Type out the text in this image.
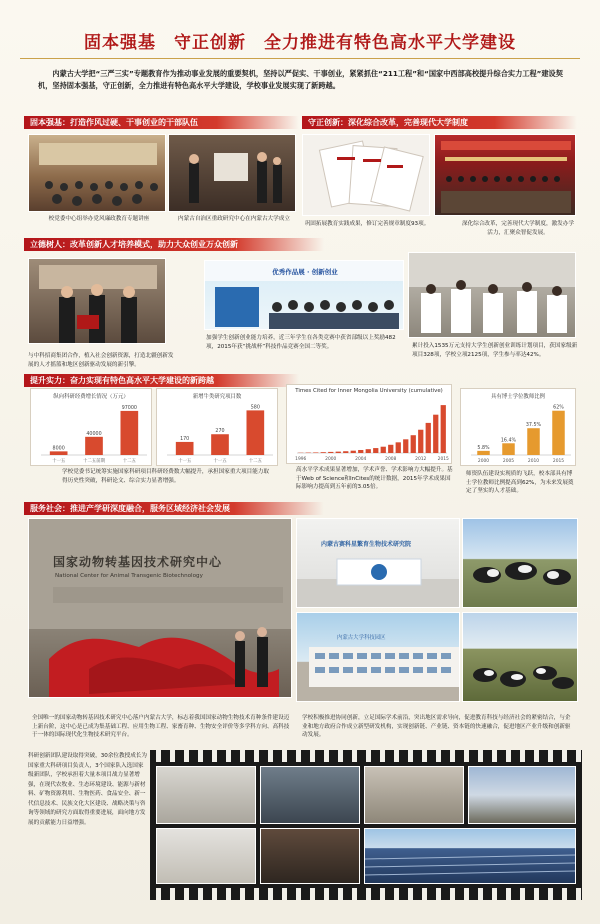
固本强基　守正创新　全力推进有特色高水平大学建设
内蒙古大学把“三严三实”专题教育作为推动事业发展的重要契机，坚持以严促实、干事创业，紧紧抓住“211工程”和“国家中西部高校提升综合实力工程”建设契机，坚持固本强基，守正创新，全力推进有特色高水平大学建设，学校事业发展实现了新跨越。
固本强基：打造作风过硬、干事创业的干部队伍
校党委中心组举办党风廉政教育专题讲座	内蒙古自治区重政研究中心在内蒙古大学成立
守正创新：深化综合改革，完善现代大学制度
巩固拓展教育实践成果，修订完善规章制度93项。	深化综合改革，完善现代大学制度，激发办学活力，汇聚众智促发展。
立德树人：改革创新人才培养模式，助力大众创业万众创新
优秀作品展 · 创新创业
与中科招商集团合作，植入社会创新资源，打造北疆创新发展的人才摇篮和地区创新驱动发展的新引擎。
加强学生创新创业能力培养，近三年学生在各类竞赛中获省部级以上奖励482项，2015年获“挑战杯”科技作品竞赛全国二等奖。	累计投入1535万元支持大学生创新创业训练计划项目，获国家级新项目328项，学校立项2125项，学生参与率达42%。
提升实力：奋力实现有特色高水平大学建设的新跨越
纵向科研经费增长情况（万元）
8000
十一五
40000
十二五前期
97000
十二五
新增牛类研究项目数
170
十一五
270
十一五
580
十二五
Times Cited for Inner Mongolia University (cumulative)
1996	2000	2004	2008	2012	2015
具有博士学位教师比例
5.8%
2000
16.4%
2005
37.5%
2010
62%
2015
学校党委书记统筹实施国家科研项目科研经费数大幅提升，承担国家重大项目能力取得历史性突破，科研论文、综合实力显著增强。
高水平学术成果显著增加，学术声誉、学术影响力大幅提升。基于Web of Science和InCites的统计数据，2015年学术成果国际影响力提高到五年前的3.05倍。
师资队伍建设实现质的飞跃，校本部具有博士学位教师比例提高到62%，为未来发展奠定了坚实的人才基础。
服务社会：推进产学研深度融合，服务区域经济社会发展
国家动物转基因技术研究中心
National Center for Animal Transgenic Biotechnology
内蒙古赛科星繁育生物技术研究院
内蒙古大学科技园区
全国唯一的国家动物转基因技术研究中心落户内蒙古大学，标志着我国国家动物生物技术育种条件建设迈上新台阶，这中心是已成为集基础工程、应用生物工程、家畜育种、生物安全评价等多学科方向、高科技于一体的国际现代化生物技术研究平台。
学校积极推进协同创新，立足国际学术前沿，突出地区需求导向，促进教育科技与经济社会的紧密结合，与企业和地方政府合作成立新型研发机构，实现创新链、产业链、资本链的快速融合，促进地区产业升级和创新驱动发展。
科研创新团队建设取得突破，30余位教授成长为国家重大科研项目负责人，3个国家队入选国家级新团队，学校承担着大量本项目战力显著增强，在现代农牧业、生态环境建设、能源与新材料、矿物资源利用、生物医药、食品安全、新一代信息技术、民族文化大区建设、战略决策与咨询等领域的研究方面取得重要进展，面向地方发展的贡献能力日益增强。
